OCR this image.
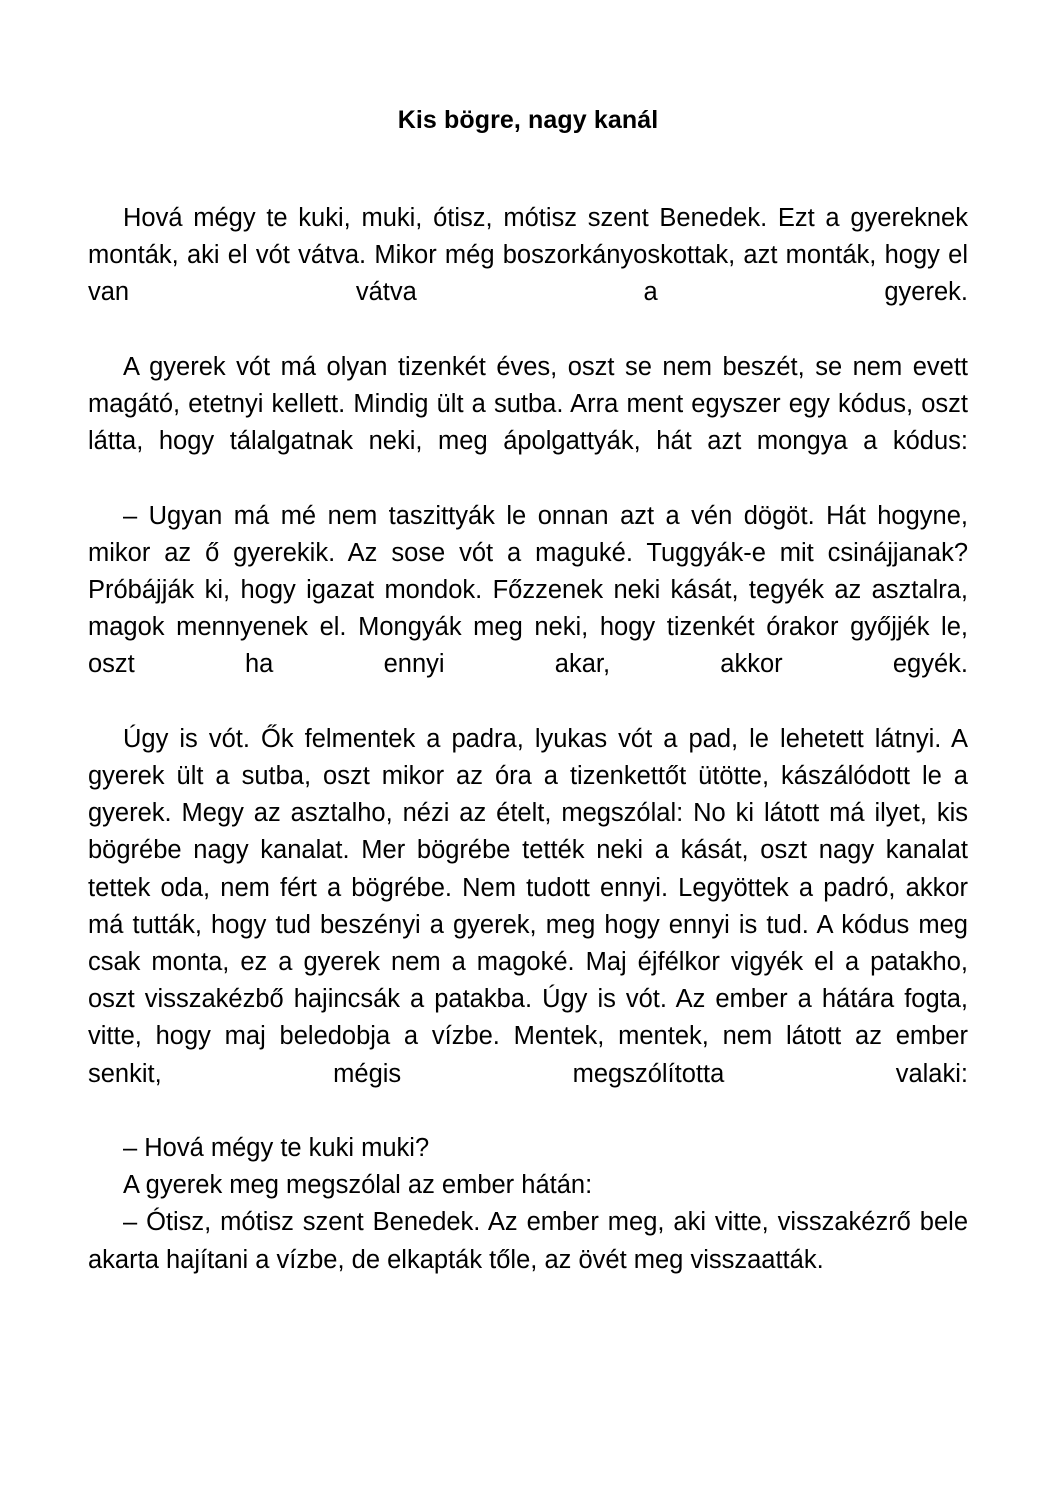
Kis bögre, nagy kanál

Hová mégy te kuki, muki, ótisz, mótisz szent Benedek. Ezt a gyereknek monták, aki el vót vátva. Mikor még boszorkányoskottak, azt monták, hogy el van vátva a gyerek.

A gyerek vót má olyan tizenkét éves, oszt se nem beszét, se nem evett magátó, etetnyi kellett. Mindig ült a sutba. Arra ment egyszer egy kódus, oszt látta, hogy tálalgatnak neki, meg ápolgattyák, hát azt mongya a kódus:

– Ugyan má mé nem taszittyák le onnan azt a vén dögöt. Hát hogyne, mikor az ő gyerekik. Az sose vót a maguké. Tuggyák-e mit csinájjanak? Próbájják ki, hogy igazat mondok. Főzzenek neki kását, tegyék az asztalra, magok mennyenek el. Mongyák meg neki, hogy tizenkét órakor győjjék le, oszt ha ennyi akar, akkor egyék.

Úgy is vót. Ők felmentek a padra, lyukas vót a pad, le lehetett látnyi. A gyerek ült a sutba, oszt mikor az óra a tizenkettőt ütötte, kászálódott le a gyerek. Megy az asztalho, nézi az ételt, megszólal: No ki látott má ilyet, kis bögrébe nagy kanalat. Mer bögrébe tették neki a kását, oszt nagy kanalat tettek oda, nem fért a bögrébe. Nem tudott ennyi. Legyöttek a padró, akkor má tutták, hogy tud beszényi a gyerek, meg hogy ennyi is tud. A kódus meg csak monta, ez a gyerek nem a magoké. Maj éjfélkor vigyék el a patakho, oszt visszakézbő hajincsák a patakba. Úgy is vót. Az ember a hátára fogta, vitte, hogy maj beledobja a vízbe. Mentek, mentek, nem látott az ember senkit, mégis megszólította valaki:

– Hová mégy te kuki muki?

A gyerek meg megszólal az ember hátán:

– Ótisz, mótisz szent Benedek. Az ember meg, aki vitte, visszakézrő bele akarta hajítani a vízbe, de elkapták tőle, az övét meg visszaatták.
